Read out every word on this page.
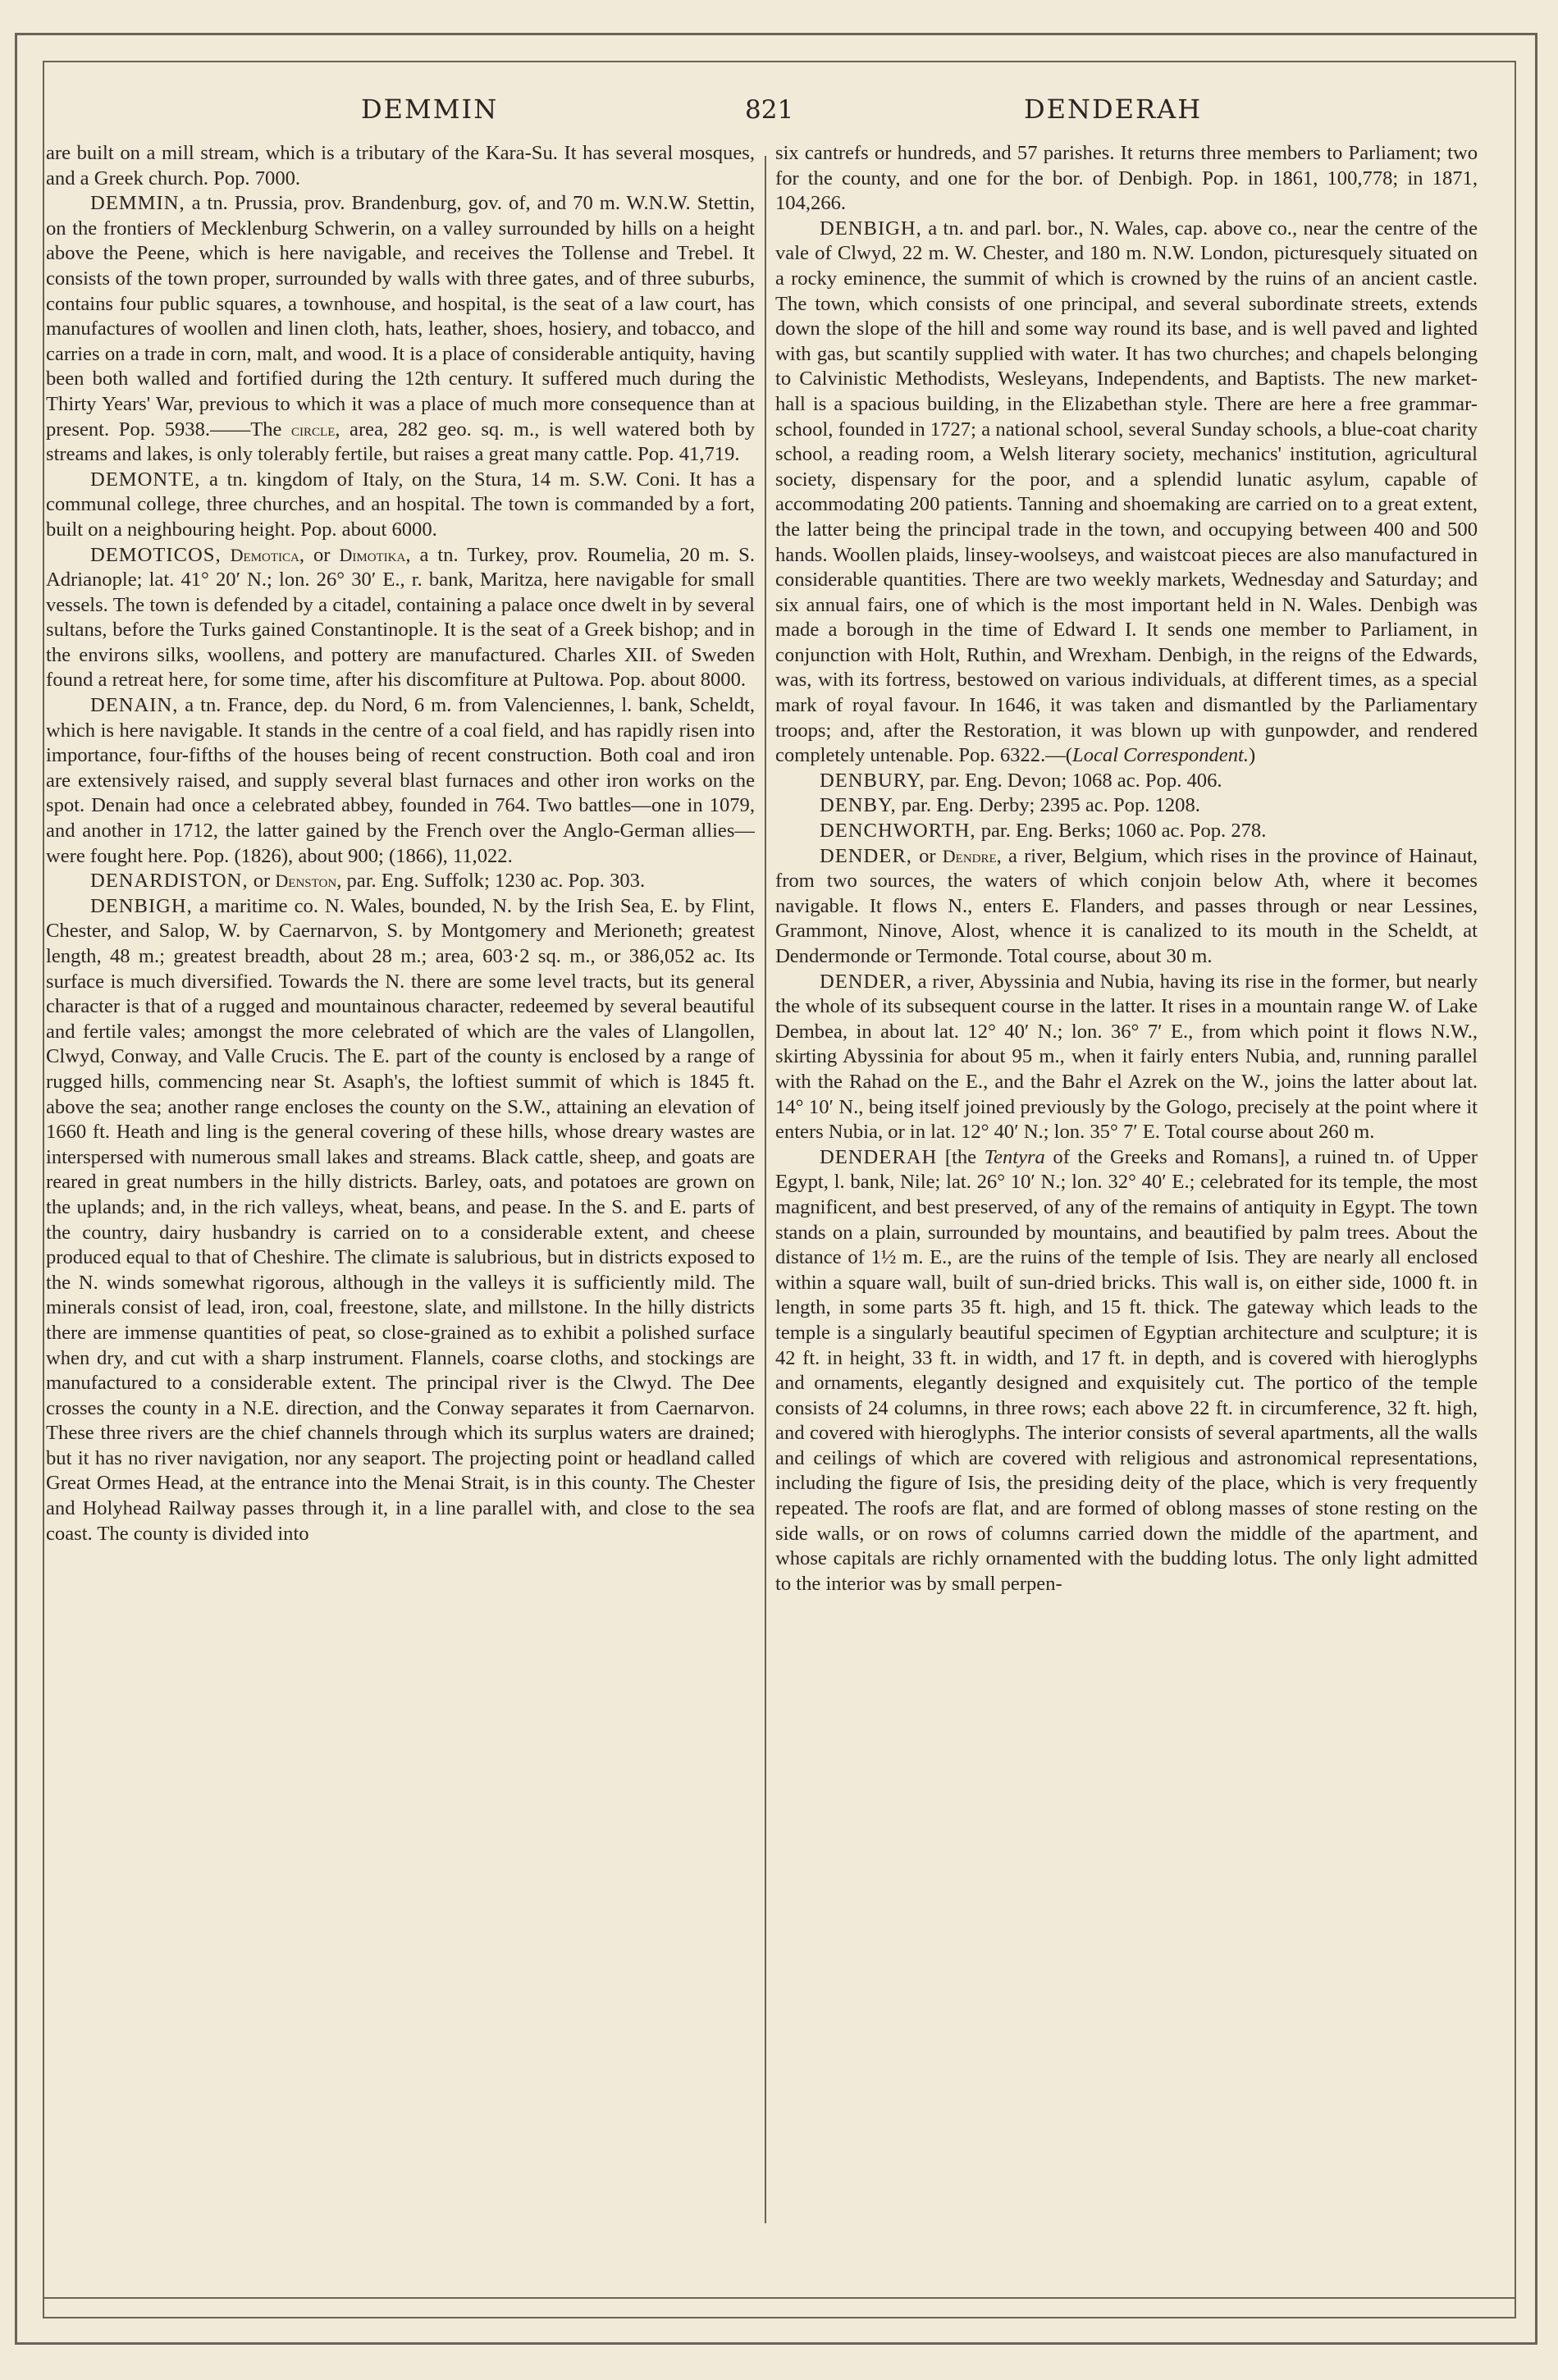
DEMMIN	821	DENDERAH

are built on a mill stream, which is a tributary of the Kara-Su. It has several mosques, and a Greek church. Pop. 7000.

DEMMIN, a tn. Prussia, prov. Brandenburg, gov. of, and 70 m. W.N.W. Stettin, on the frontiers of Mecklenburg Schwerin, on a valley surrounded by hills on a height above the Peene, which is here navigable, and receives the Tollense and Trebel. It consists of the town proper, surrounded by walls with three gates, and of three suburbs, contains four public squares, a townhouse, and hospital, is the seat of a law court, has manufactures of woollen and linen cloth, hats, leather, shoes, hosiery, and tobacco, and carries on a trade in corn, malt, and wood. It is a place of considerable antiquity, having been both walled and fortified during the 12th century. It suffered much during the Thirty Years' War, previous to which it was a place of much more consequence than at present. Pop. 5938.——The circle, area, 282 geo. sq. m., is well watered both by streams and lakes, is only tolerably fertile, but raises a great many cattle. Pop. 41,719.

DEMONTE, a tn. kingdom of Italy, on the Stura, 14 m. S.W. Coni. It has a communal college, three churches, and an hospital. The town is commanded by a fort, built on a neighbouring height. Pop. about 6000.

DEMOTICOS, Demotica, or Dimotika, a tn. Turkey, prov. Roumelia, 20 m. S. Adrianople; lat. 41° 20′ N.; lon. 26° 30′ E., r. bank, Maritza, here navigable for small vessels. The town is defended by a citadel, containing a palace once dwelt in by several sultans, before the Turks gained Constantinople. It is the seat of a Greek bishop; and in the environs silks, woollens, and pottery are manufactured. Charles XII. of Sweden found a retreat here, for some time, after his discomfiture at Pultowa. Pop. about 8000.

DENAIN, a tn. France, dep. du Nord, 6 m. from Valenciennes, l. bank, Scheldt, which is here navigable. It stands in the centre of a coal field, and has rapidly risen into importance, four-fifths of the houses being of recent construction. Both coal and iron are extensively raised, and supply several blast furnaces and other iron works on the spot. Denain had once a celebrated abbey, founded in 764. Two battles—one in 1079, and another in 1712, the latter gained by the French over the Anglo-German allies—were fought here. Pop. (1826), about 900; (1866), 11,022.

DENARDISTON, or Denston, par. Eng. Suffolk; 1230 ac. Pop. 303.

DENBIGH, a maritime co. N. Wales, bounded, N. by the Irish Sea, E. by Flint, Chester, and Salop, W. by Caernarvon, S. by Montgomery and Merioneth; greatest length, 48 m.; greatest breadth, about 28 m.; area, 603·2 sq. m., or 386,052 ac. Its surface is much diversified. Towards the N. there are some level tracts, but its general character is that of a rugged and mountainous character, redeemed by several beautiful and fertile vales; amongst the more celebrated of which are the vales of Llangollen, Clwyd, Conway, and Valle Crucis. The E. part of the county is enclosed by a range of rugged hills, commencing near St. Asaph's, the loftiest summit of which is 1845 ft. above the sea; another range encloses the county on the S.W., attaining an elevation of 1660 ft. Heath and ling is the general covering of these hills, whose dreary wastes are interspersed with numerous small lakes and streams. Black cattle, sheep, and goats are reared in great numbers in the hilly districts. Barley, oats, and potatoes are grown on the uplands; and, in the rich valleys, wheat, beans, and pease. In the S. and E. parts of the country, dairy husbandry is carried on to a considerable extent, and cheese produced equal to that of Cheshire. The climate is salubrious, but in districts exposed to the N. winds somewhat rigorous, although in the valleys it is sufficiently mild. The minerals consist of lead, iron, coal, freestone, slate, and millstone. In the hilly districts there are immense quantities of peat, so close-grained as to exhibit a polished surface when dry, and cut with a sharp instrument. Flannels, coarse cloths, and stockings are manufactured to a considerable extent. The principal river is the Clwyd. The Dee crosses the county in a N.E. direction, and the Conway separates it from Caernarvon. These three rivers are the chief channels through which its surplus waters are drained; but it has no river navigation, nor any seaport. The projecting point or headland called Great Ormes Head, at the entrance into the Menai Strait, is in this county. The Chester and Holyhead Railway passes through it, in a line parallel with, and close to the sea coast. The county is divided into

six cantrefs or hundreds, and 57 parishes. It returns three members to Parliament; two for the county, and one for the bor. of Denbigh. Pop. in 1861, 100,778; in 1871, 104,266.

DENBIGH, a tn. and parl. bor., N. Wales, cap. above co., near the centre of the vale of Clwyd, 22 m. W. Chester, and 180 m. N.W. London, picturesquely situated on a rocky eminence, the summit of which is crowned by the ruins of an ancient castle. The town, which consists of one principal, and several subordinate streets, extends down the slope of the hill and some way round its base, and is well paved and lighted with gas, but scantily supplied with water. It has two churches; and chapels belonging to Calvinistic Methodists, Wesleyans, Independents, and Baptists. The new market-hall is a spacious building, in the Elizabethan style. There are here a free grammar-school, founded in 1727; a national school, several Sunday schools, a blue-coat charity school, a reading room, a Welsh literary society, mechanics' institution, agricultural society, dispensary for the poor, and a splendid lunatic asylum, capable of accommodating 200 patients. Tanning and shoemaking are carried on to a great extent, the latter being the principal trade in the town, and occupying between 400 and 500 hands. Woollen plaids, linsey-woolseys, and waistcoat pieces are also manufactured in considerable quantities. There are two weekly markets, Wednesday and Saturday; and six annual fairs, one of which is the most important held in N. Wales. Denbigh was made a borough in the time of Edward I. It sends one member to Parliament, in conjunction with Holt, Ruthin, and Wrexham. Denbigh, in the reigns of the Edwards, was, with its fortress, bestowed on various individuals, at different times, as a special mark of royal favour. In 1646, it was taken and dismantled by the Parliamentary troops; and, after the Restoration, it was blown up with gunpowder, and rendered completely untenable. Pop. 6322.—(Local Correspondent.)

DENBURY, par. Eng. Devon; 1068 ac. Pop. 406.

DENBY, par. Eng. Derby; 2395 ac. Pop. 1208.

DENCHWORTH, par. Eng. Berks; 1060 ac. Pop. 278.

DENDER, or Dendre, a river, Belgium, which rises in the province of Hainaut, from two sources, the waters of which conjoin below Ath, where it becomes navigable. It flows N., enters E. Flanders, and passes through or near Lessines, Grammont, Ninove, Alost, whence it is canalized to its mouth in the Scheldt, at Dendermonde or Termonde. Total course, about 30 m.

DENDER, a river, Abyssinia and Nubia, having its rise in the former, but nearly the whole of its subsequent course in the latter. It rises in a mountain range W. of Lake Dembea, in about lat. 12° 40′ N.; lon. 36° 7′ E., from which point it flows N.W., skirting Abyssinia for about 95 m., when it fairly enters Nubia, and, running parallel with the Rahad on the E., and the Bahr el Azrek on the W., joins the latter about lat. 14° 10′ N., being itself joined previously by the Gologo, precisely at the point where it enters Nubia, or in lat. 12° 40′ N.; lon. 35° 7′ E. Total course about 260 m.

DENDERAH [the Tentyra of the Greeks and Romans], a ruined tn. of Upper Egypt, l. bank, Nile; lat. 26° 10′ N.; lon. 32° 40′ E.; celebrated for its temple, the most magnificent, and best preserved, of any of the remains of antiquity in Egypt. The town stands on a plain, surrounded by mountains, and beautified by palm trees. About the distance of 1½ m. E., are the ruins of the temple of Isis. They are nearly all enclosed within a square wall, built of sun-dried bricks. This wall is, on either side, 1000 ft. in length, in some parts 35 ft. high, and 15 ft. thick. The gateway which leads to the temple is a singularly beautiful specimen of Egyptian architecture and sculpture; it is 42 ft. in height, 33 ft. in width, and 17 ft. in depth, and is covered with hieroglyphs and ornaments, elegantly designed and exquisitely cut. The portico of the temple consists of 24 columns, in three rows; each above 22 ft. in circumference, 32 ft. high, and covered with hieroglyphs. The interior consists of several apartments, all the walls and ceilings of which are covered with religious and astronomical representations, including the figure of Isis, the presiding deity of the place, which is very frequently repeated. The roofs are flat, and are formed of oblong masses of stone resting on the side walls, or on rows of columns carried down the middle of the apartment, and whose capitals are richly ornamented with the budding lotus. The only light admitted to the interior was by small perpen-
